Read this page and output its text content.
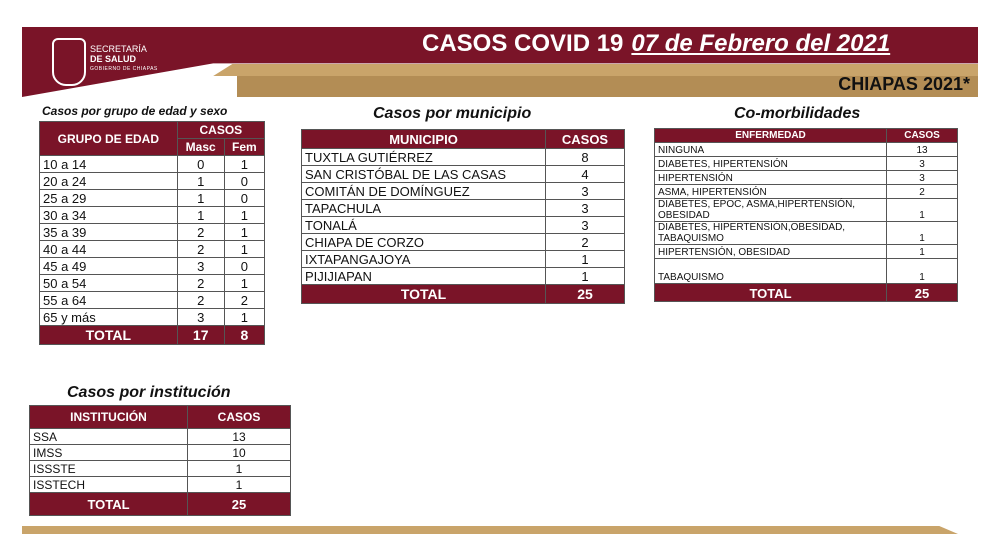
SECRETARÍA
DE SALUD
GOBIERNO DE CHIAPAS
CASOS COVID 19 07 de Febrero del 2021
CHIAPAS 2021*
Casos por grupo de edad y sexo
GRUPO DE EDAD	CASOS	
	Masc	Fem
10 a 14	0	1
20 a 24	1	0
25 a 29	1	0
30 a 34	1	1
35 a 39	2	1
40 a 44	2	1
45 a 49	3	0
50 a 54	2	1
55 a 64	2	2
65 y más	3	1
TOTAL	17	8
Casos por municipio
MUNICIPIO	CASOS
TUXTLA GUTIÉRREZ	8
SAN CRISTÓBAL DE LAS CASAS	4
COMITÁN DE DOMÍNGUEZ	3
TAPACHULA	3
TONALÁ	3
CHIAPA DE CORZO	2
IXTAPANGAJOYA	1
PIJIJIAPAN	1
TOTAL	25
Co-morbilidades
ENFERMEDAD	CASOS
NINGUNA	13
DIABETES, HIPERTENSIÓN	3
HIPERTENSIÓN	3
ASMA, HIPERTENSIÓN	2
DIABETES, EPOC, ASMA,HIPERTENSIÓN, OBESIDAD	1
DIABETES, HIPERTENSIÓN,OBESIDAD, TABAQUISMO	1
HIPERTENSIÓN, OBESIDAD	1
TABAQUISMO	1
TOTAL	25
Casos por institución
INSTITUCIÓN	CASOS
SSA	13
IMSS	10
ISSSTE	1
ISSTECH	1
TOTAL	25
